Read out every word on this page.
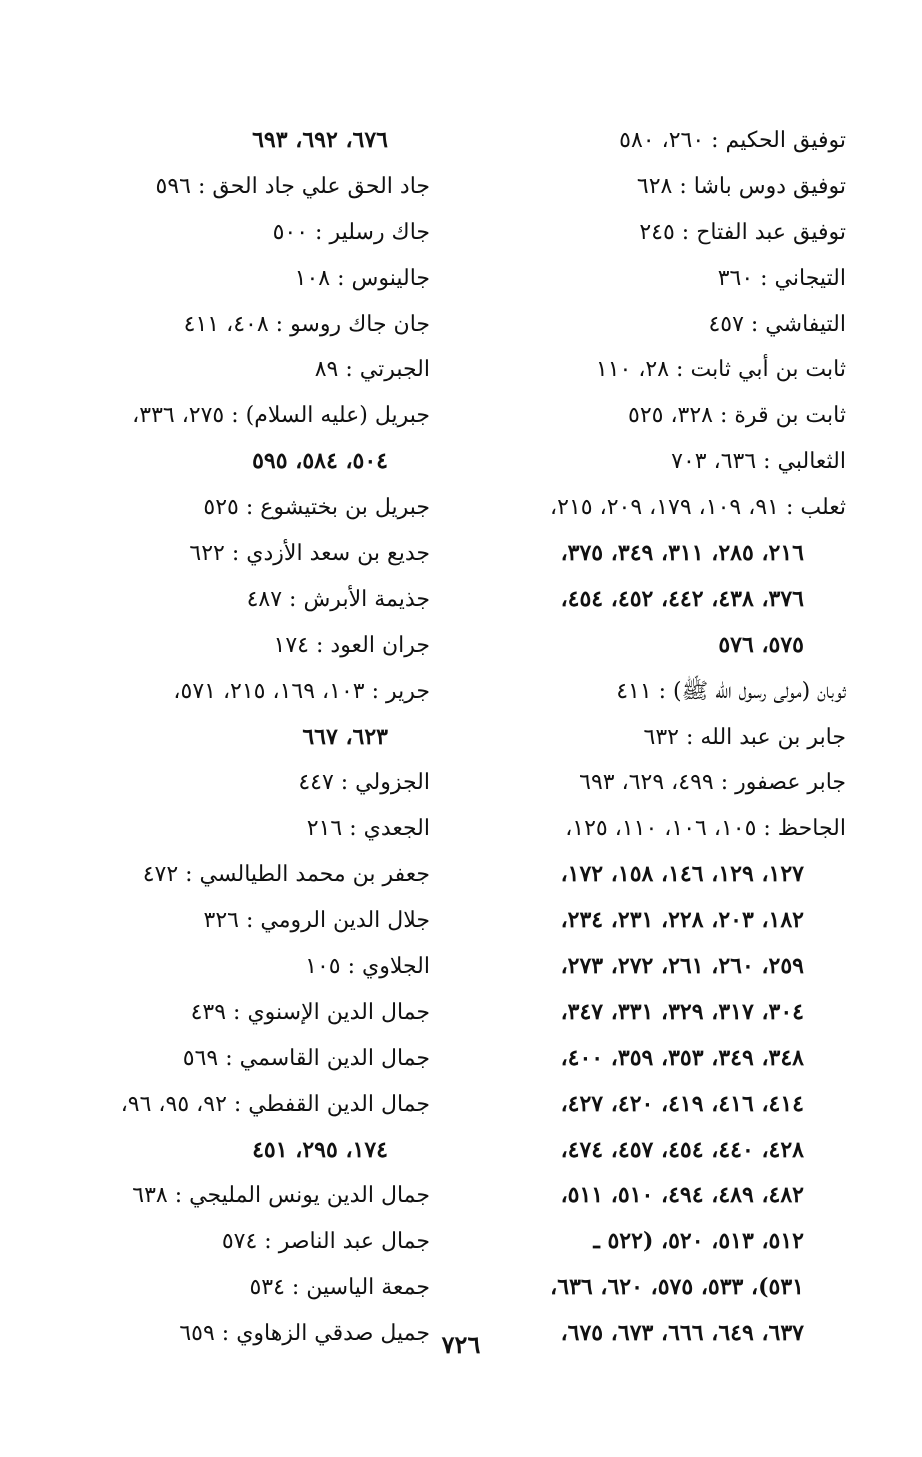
توفيق الحكيم : ٢٦٠، ٥٨٠
توفيق دوس باشا : ٦٢٨
توفيق عبد الفتاح : ٢٤٥
التيجاني : ٣٦٠
التيفاشي : ٤٥٧
ثابت بن أبي ثابت : ٢٨، ١١٠
ثابت بن قرة : ٣٢٨، ٥٢٥
الثعالبي : ٦٣٦، ٧٠٣
ثعلب : ٩١، ١٠٩، ١٧٩، ٢٠٩، ٢١٥،
٢١٦، ٢٨٥، ٣١١، ٣٤٩، ٣٧٥،
٣٧٦، ٤٣٨، ٤٤٢، ٤٥٢، ٤٥٤،
٥٧٥، ٥٧٦
ثوبان (مولى رسول الله ﷺ) : ٤١١
جابر بن عبد الله : ٦٣٢
جابر عصفور : ٤٩٩، ٦٢٩، ٦٩٣
الجاحظ : ١٠٥، ١٠٦، ١١٠، ١٢٥،
١٢٧، ١٢٩، ١٤٦، ١٥٨، ١٧٢،
١٨٢، ٢٠٣، ٢٢٨، ٢٣١، ٢٣٤،
٢٥٩، ٢٦٠، ٢٦١، ٢٧٢، ٢٧٣،
٣٠٤، ٣١٧، ٣٢٩، ٣٣١، ٣٤٧،
٣٤٨، ٣٤٩، ٣٥٣، ٣٥٩، ٤٠٠،
٤١٤، ٤١٦، ٤١٩، ٤٢٠، ٤٢٧،
٤٢٨، ٤٤٠، ٤٥٤، ٤٥٧، ٤٧٤،
٤٨٢، ٤٨٩، ٤٩٤، ٥١٠، ٥١١،
٥١٢، ٥١٣، ٥٢٠، (٥٢٢ ـ
٥٣١)، ٥٣٣، ٥٧٥، ٦٢٠، ٦٣٦،
٦٣٧، ٦٤٩، ٦٦٦، ٦٧٣، ٦٧٥،
٦٧٦، ٦٩٢، ٦٩٣
جاد الحق علي جاد الحق : ٥٩٦
جاك رسلير : ٥٠٠
جالينوس : ١٠٨
جان جاك روسو : ٤٠٨، ٤١١
الجبرتي : ٨٩
جبريل (عليه السلام) : ٢٧٥، ٣٣٦،
٥٠٤، ٥٨٤، ٥٩٥
جبريل بن بختيشوع : ٥٢٥
جديع بن سعد الأزدي : ٦٢٢
جذيمة الأبرش : ٤٨٧
جران العود : ١٧٤
جرير : ١٠٣، ١٦٩، ٢١٥، ٥٧١،
٦٢٣، ٦٦٧
الجزولي : ٤٤٧
الجعدي : ٢١٦
جعفر بن محمد الطيالسي : ٤٧٢
جلال الدين الرومي : ٣٢٦
الجلاوي : ١٠٥
جمال الدين الإسنوي : ٤٣٩
جمال الدين القاسمي : ٥٦٩
جمال الدين القفطي : ٩٢، ٩٥، ٩٦،
١٧٤، ٢٩٥، ٤٥١
جمال الدين يونس المليجي : ٦٣٨
جمال عبد الناصر : ٥٧٤
جمعة الياسين : ٥٣٤
جميل صدقي الزهاوي : ٦٥٩ ٧٢٦
